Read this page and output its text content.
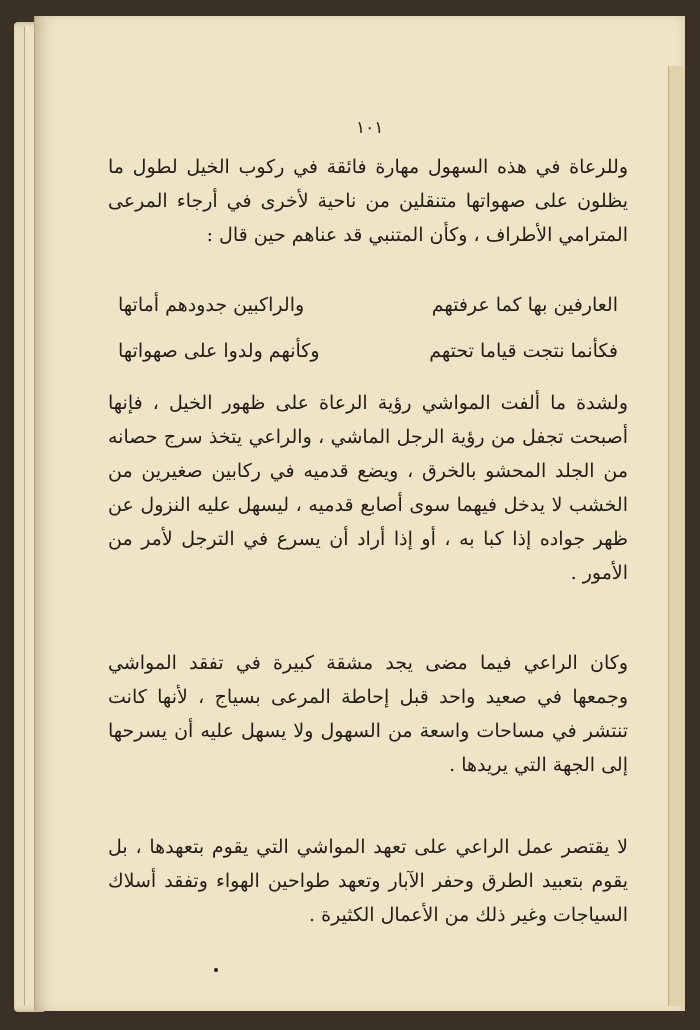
١٠١

وللرعاة في هذه السهول مهارة فائقة في ركوب الخيل لطول ما يظلون على صهواتها متنقلين من ناحية لأخرى في أرجاء المرعى المترامي الأطراف ، وكأن المتنبي قد عناهم حين قال :

العارفين بها كما عرفتهم
والراكبين جدودهم أماتها
فكأنما نتجت قياما تحتهم
وكأنهم ولدوا على صهواتها

ولشدة ما ألفت المواشي رؤية الرعاة على ظهور الخيل ، فإنها أصبحت تجفل من رؤية الرجل الماشي ، والراعي يتخذ سرج حصانه من الجلد المحشو بالخرق ، ويضع قدميه في ركابين صغيرين من الخشب لا يدخل فيهما سوى أصابع قدميه ، ليسهل عليه النزول عن ظهر جواده إذا كبا به ، أو إذا أراد أن يسرع في الترجل لأمر من الأمور .

وكان الراعي فيما مضى يجد مشقة كبيرة في تفقد المواشي وجمعها في صعيد واحد قبل إحاطة المرعى بسياج ، لأنها كانت تنتشر في مساحات واسعة من السهول ولا يسهل عليه أن يسرحها إلى الجهة التي يريدها .

لا يقتصر عمل الراعي على تعهد المواشي التي يقوم بتعهدها ، بل يقوم بتعبيد الطرق وحفر الآبار وتعهد طواحين الهواء وتفقد أسلاك السياجات وغير ذلك من الأعمال الكثيرة .
